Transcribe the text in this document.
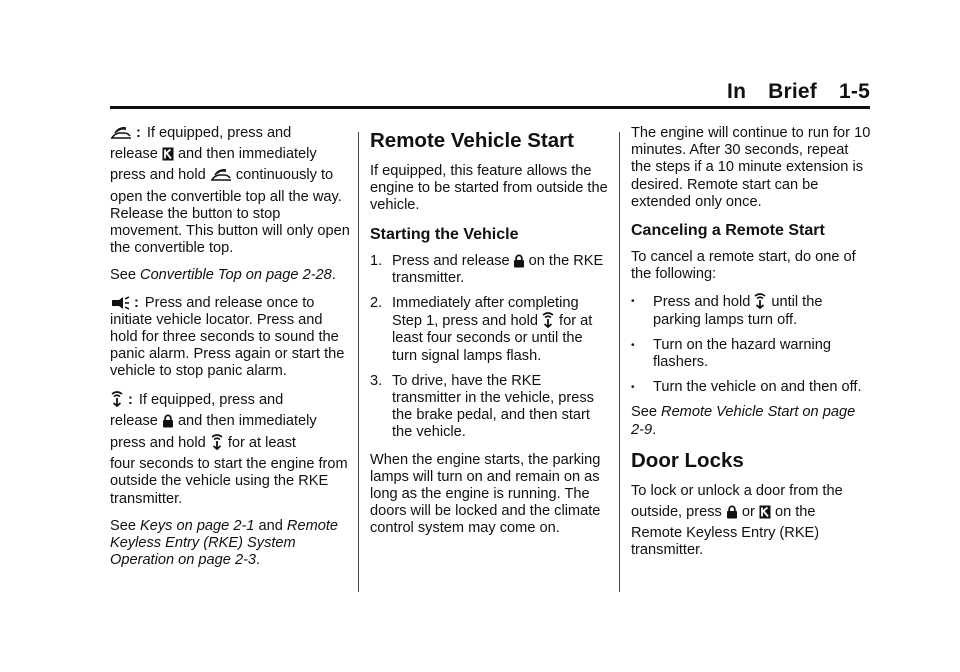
In Brief 1-5

: If equipped, press and

release and then immediately

press and hold continuously to

open the convertible top all the way. Release the button to stop movement. This button will only open the convertible top.

See Convertible Top on page 2-28.

: Press and release once to initiate vehicle locator. Press and hold for three seconds to sound the panic alarm. Press again or start the vehicle to stop panic alarm.

: If equipped, press and

release and then immediately

press and hold for at least

four seconds to start the engine from outside the vehicle using the RKE transmitter.

See Keys on page 2-1 and Remote Keyless Entry (RKE) System Operation on page 2-3.

Remote Vehicle Start

If equipped, this feature allows the engine to be started from outside the vehicle.

Starting the Vehicle
1. Press and release on the RKE transmitter.
2. Immediately after completing
Step 1, press and hold for at least four seconds or until the turn signal lamps flash.
3. To drive, have the RKE transmitter in the vehicle, press the brake pedal, and then start the vehicle.

When the engine starts, the parking lamps will turn on and remain on as long as the engine is running. The doors will be locked and the climate control system may come on.

The engine will continue to run for 10 minutes. After 30 seconds, repeat the steps if a 10 minute extension is desired. Remote start can be extended only once.

Canceling a Remote Start

To cancel a remote start, do one of the following:

•	Press and hold until the parking lamps turn off.
•	Turn on the hazard warning flashers.
•	Turn the vehicle on and then off.

See Remote Vehicle Start on page 2-9.

Door Locks

To lock or unlock a door from the

outside, press or on the

Remote Keyless Entry (RKE) transmitter.
